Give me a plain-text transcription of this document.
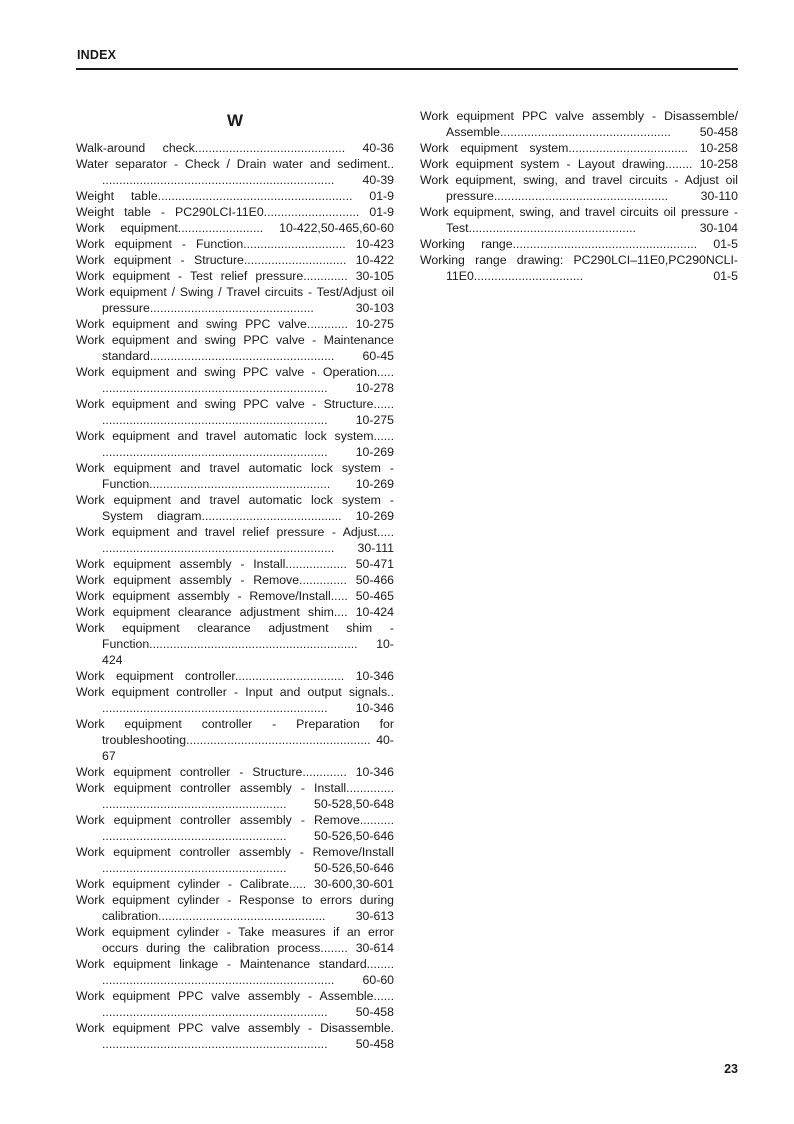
INDEX
W
Walk-around check............................................ 40-36
Water separator - Check / Drain water and sediment.. .................................................................... 40-39
Weight table......................................................... 01-9
Weight table - PC290LCI-11E0............................ 01-9
Work equipment......................... 10-422,50-465,60-60
Work equipment - Function.............................. 10-423
Work equipment - Structure.............................. 10-422
Work equipment - Test relief pressure............. 30-105
Work equipment / Swing / Travel circuits - Test/Adjust oil pressure................................................ 30-103
Work equipment and swing PPC valve............ 10-275
Work equipment and swing PPC valve - Maintenance standard...................................................... 60-45
Work equipment and swing PPC valve - Operation..... .................................................................. 10-278
Work equipment and swing PPC valve - Structure...... .................................................................. 10-275
Work equipment and travel automatic lock system...... .................................................................. 10-269
Work equipment and travel automatic lock system - Function..................................................... 10-269
Work equipment and travel automatic lock system - System diagram......................................... 10-269
Work equipment and travel relief pressure - Adjust..... .................................................................... 30-111
Work equipment assembly - Install.................. 50-471
Work equipment assembly - Remove.............. 50-466
Work equipment assembly - Remove/Install..... 50-465
Work equipment clearance adjustment shim.... 10-424
Work equipment clearance adjustment shim - Function............................................................. 10-424
Work equipment controller................................ 10-346
Work equipment controller - Input and output signals.. .................................................................. 10-346
Work equipment controller - Preparation for troubleshooting...................................................... 40-67
Work equipment controller - Structure............. 10-346
Work equipment controller assembly - Install.............. ...................................................... 50-528,50-648
Work equipment controller assembly - Remove.......... ...................................................... 50-526,50-646
Work equipment controller assembly - Remove/Install ...................................................... 50-526,50-646
Work equipment cylinder - Calibrate..... 30-600,30-601
Work equipment cylinder - Response to errors during calibration................................................. 30-613
Work equipment cylinder - Take measures if an error occurs during the calibration process........ 30-614
Work equipment linkage - Maintenance standard........ .................................................................... 60-60
Work equipment PPC valve assembly - Assemble...... .................................................................. 50-458
Work equipment PPC valve assembly - Disassemble. .................................................................. 50-458
Work equipment PPC valve assembly - Disassemble/ Assemble.................................................. 50-458
Work equipment system................................... 10-258
Work equipment system - Layout drawing........ 10-258
Work equipment, swing, and travel circuits - Adjust oil pressure................................................... 30-110
Work equipment, swing, and travel circuits oil pressure - Test................................................. 30-104
Working range...................................................... 01-5
Working range drawing: PC290LCI–11E0,PC290NCLI-11E0................................ 01-5
23
